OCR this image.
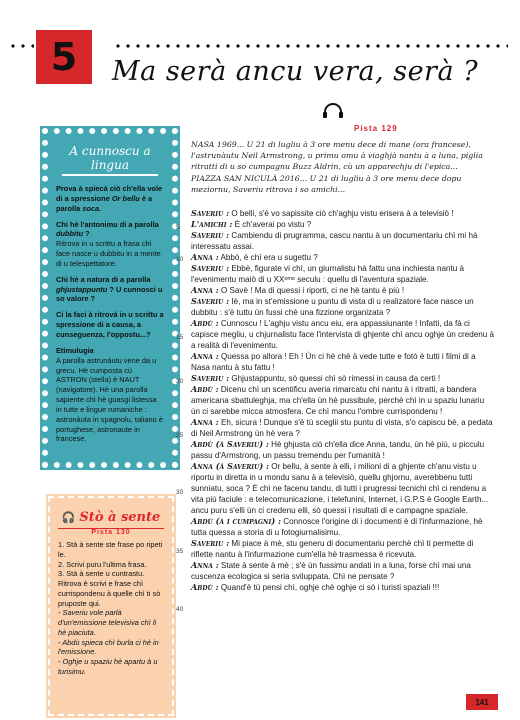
5	Ma serà ancu vera, serà ?
A cunnoscu a lingua
Prova à spiecà ciò ch'ella vole di a spressione Or bellu è a parolla soca.
Chì hè l'antonimu di a parolla dubbitu ?
Ritrova in u scrittu a frasa chì face nasce u dubbitu in a mente di u telespettatore.
Chì hè a natura di a parolla ghjustappuntu ? U cunnosci u so valore ?
Ci la faci à ritrovà in u scrittu a spressione di a causa, a cunseguenza, l'oppostu...?
Etimulugia
A parolla astrunàutu vene da u grecu. Hè cumposta cù ASTRON (stella) è NAUT (navigatore). Hè una parolla sapiente chì hè guasgi listessa in tutte e lingue rumaniche : astronàuta in spagnolu, talianu è portughese, astronaute in francese.
🎧 Stò à sente
Pista 130
1. Stà à sente ste frase po ripeti le.
2. Scrivi puru l'ultima frasa.
3. Stà à sente u cuntrastu.
Ritrova è scrivi e frase chì currispondenu à quelle chì ti sò pruposte qui.
- Saveriu vole parlà d'un'emissione televisiva chì li hè piaciuta.
- Abdù spieca chì burla ci hè in l'emissione.
- Oghje u spaziu hè apartu à u turisimu.
Pista 129

NASA 1969... U 21 di lugliu à 3 ore menu dece di mane (ora francese), l'astrunàutu Neil Armstrong, u primu omu à viaghjà nantu à a luna, piglia ritratti di u so cumpagnu Buzz Aldrin, cù un apparechju di l'epica...

PIAZZA SAN NICULÀ 2016... U 21 di lugliu à 3 ore menu dece dopu meziornu, Saveriu ritrova i so amichi...

5
10
15
20
25
30
35
40

Saveriu : O belli, s'è vo sapissite ciò ch'aghju vistu erisera à a televisiò !

L'amichi : È ch'averai po vistu ?

Saveriu : Cambiendu di prugramma, cascu nantu à un documentariu chì mi hà interessatu assai.

Anna : Abbò, è chì era u sugettu ?

Saveriu : Ebbè, figurate vi chì, un giurnalistu hà fattu una inchiesta nantu à l'evenimentu maiò di u XXᵉᵐᵉ seculu : quellu di l'aventura spaziale.

Anna : O Savè ! Ma di quessi i riporti, ci ne hè tantu è più !

Saveriu : Iè, ma in st'emissione u puntu di vista di u realizatore face nasce un dubbitu : s'è tuttu ùn fussi chè una fizzione organizata ?

Abdù : Cunnoscu ! L'aghju vistu ancu eiu, era appassiunante ! Infatti, da fà ci capisce megliu, u chjurnalistu face l'intervista di ghjente chì ancu oghje ùn credenu à a realità di l'evenimentu.

Anna : Quessa po allora ! Eh ! Ùn ci hè chè à vede tutte e fotò è tutti i filmi di a Nasa nantu à stu fattu !

Saveriu : Ghjustappuntu, sò quessi chì sò rimessi in causa da certi !

Abdù : Dicenu chì un scentificu averia rimarcatu chì nantu à i ritratti, a bandera americana sbattuleghja, ma ch'ella ùn hè pussibule, perchè chì in u spaziu lunariu ùn ci sarebbe micca atmosfera. Ce chì mancu l'ombre currispondenu !

Anna : Eh, sicura ! Dunque s'è tù sceglii stu puntu di vista, s'o capiscu bè, a pedata di Neil Armstrong ùn hè vera ?

Abdù (à Saveriu) : Hè ghjusta ciò ch'ella dice Anna, tandu, ùn hè più, u picculu passu d'Armstrong, un passu tremendu per l'umanità !

Anna (à Saveriu) : Or bellu, à sente à elli, i milioni di a ghjente ch'anu vistu u riportu in diretta in u mondu sanu à a televisiò, quellu ghjornu, averebbenu tutti sunniatu, soca ? È chì ne facenu tandu, di tutti i prugressi tecnichi chì ci rendenu a vita più faciule : e telecomunicazione, i telefunini, Internet, i G.P.S è Google Earth... ancu puru s'elli ùn ci credenu elli, sò quessi i risultati di e campagne spaziale.

Abdù (à i cumpagni) : Connosce l'origine di i documenti è di l'infurmazione, hè tutta quessa a storia di u fotogiurnalisimu.

Saveriu : Mi piace à mè, stu generu di documentariu perchè chì ti permette di riflette nantu à l'infurmazione cum'ella hè trasmessa è ricevuta.

Anna : State à sente à mè ; s'è ùn fussimu andati in a luna, forse chì mai una cuscenza ecologica si seria sviluppata. Chì ne pensate ?

Abdù : Quand'è tù pensi chì, oghje chè oghje ci sò i turisti spaziali !!!

141
